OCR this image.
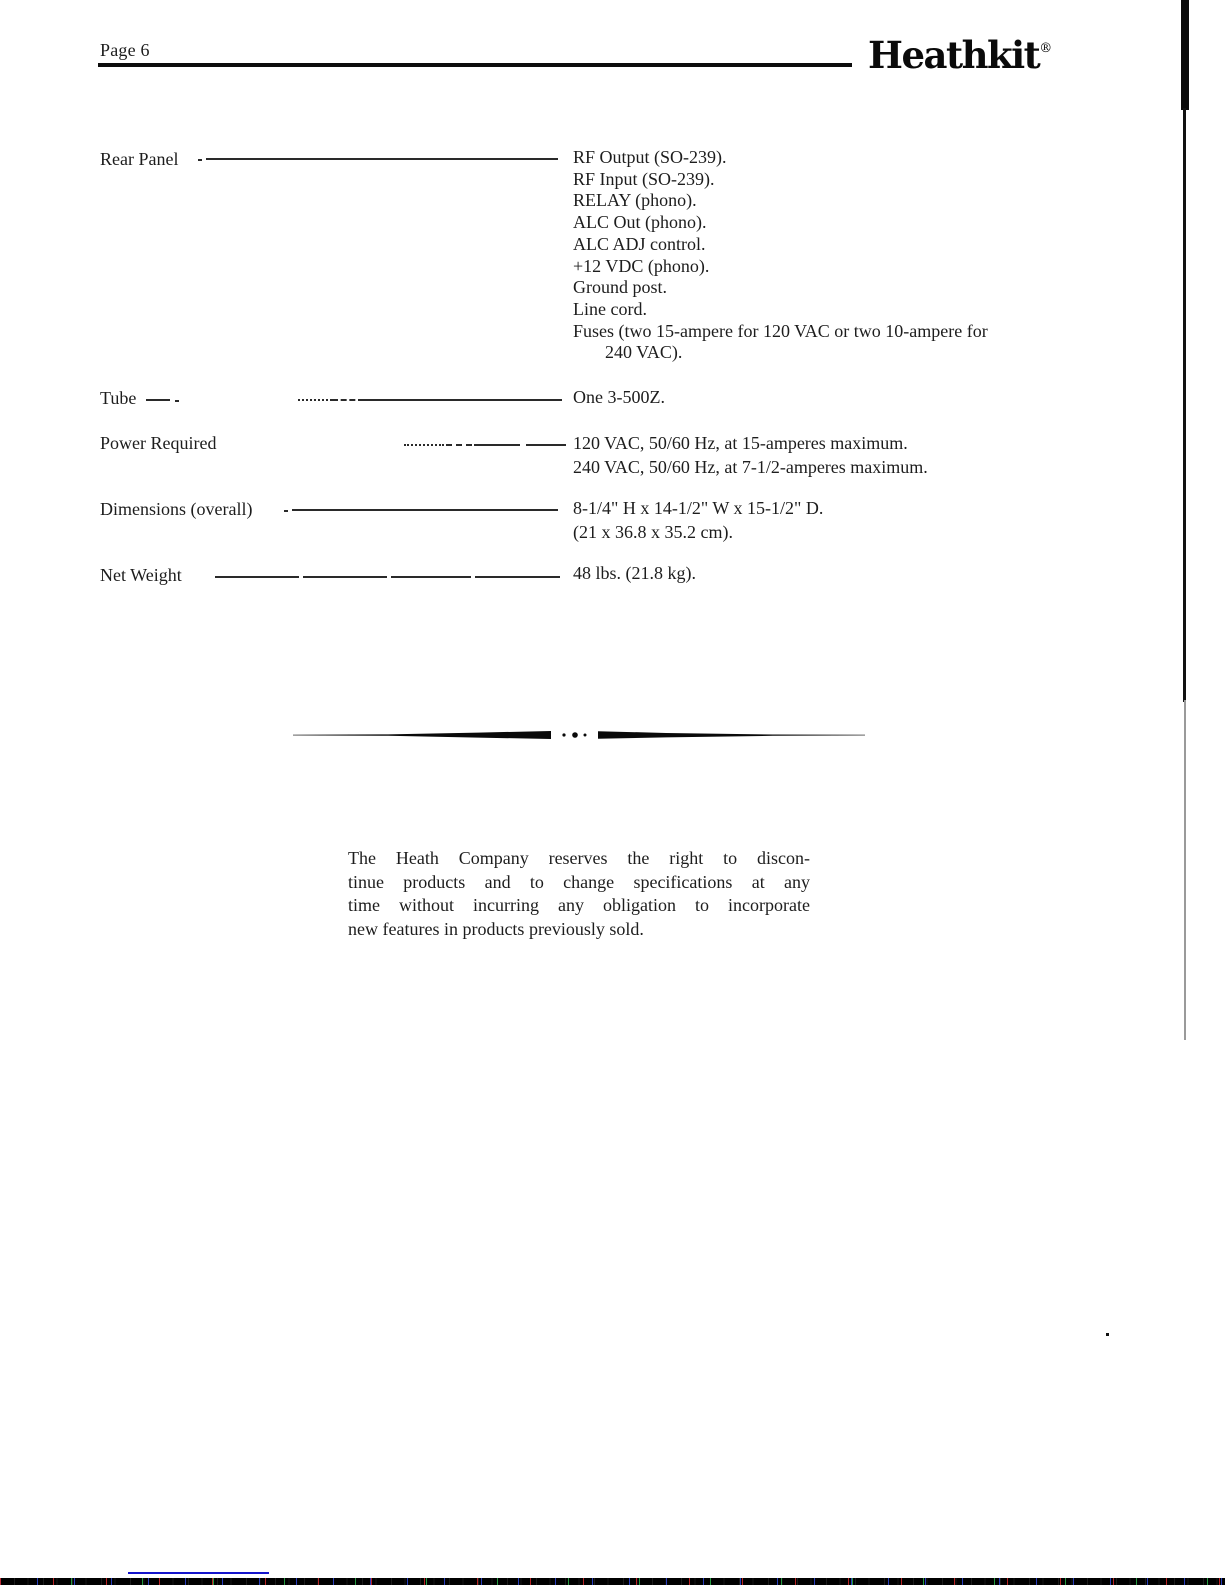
Page 6	Heathkit®
Rear Panel	RF Output (SO-239).
RF Input (SO-239).
RELAY (phono).
ALC Out (phono).
ALC ADJ control.
+12 VDC (phono).
Ground post.
Line cord.
Fuses (two 15-ampere for 120 VAC or two 10-ampere for
240 VAC).
Tube	One 3-500Z.
Power Required	120 VAC, 50/60 Hz, at 15-amperes maximum.
240 VAC, 50/60 Hz, at 7-1/2-amperes maximum.
Dimensions (overall)	8-1/4" H x 14-1/2" W x 15-1/2" D.
(21 x 36.8 x 35.2 cm).
Net Weight	48 lbs. (21.8 kg).
The Heath Company reserves the right to discon-
tinue products and to change specifications at any
time without incurring any obligation to incorporate
new features in products previously sold.
